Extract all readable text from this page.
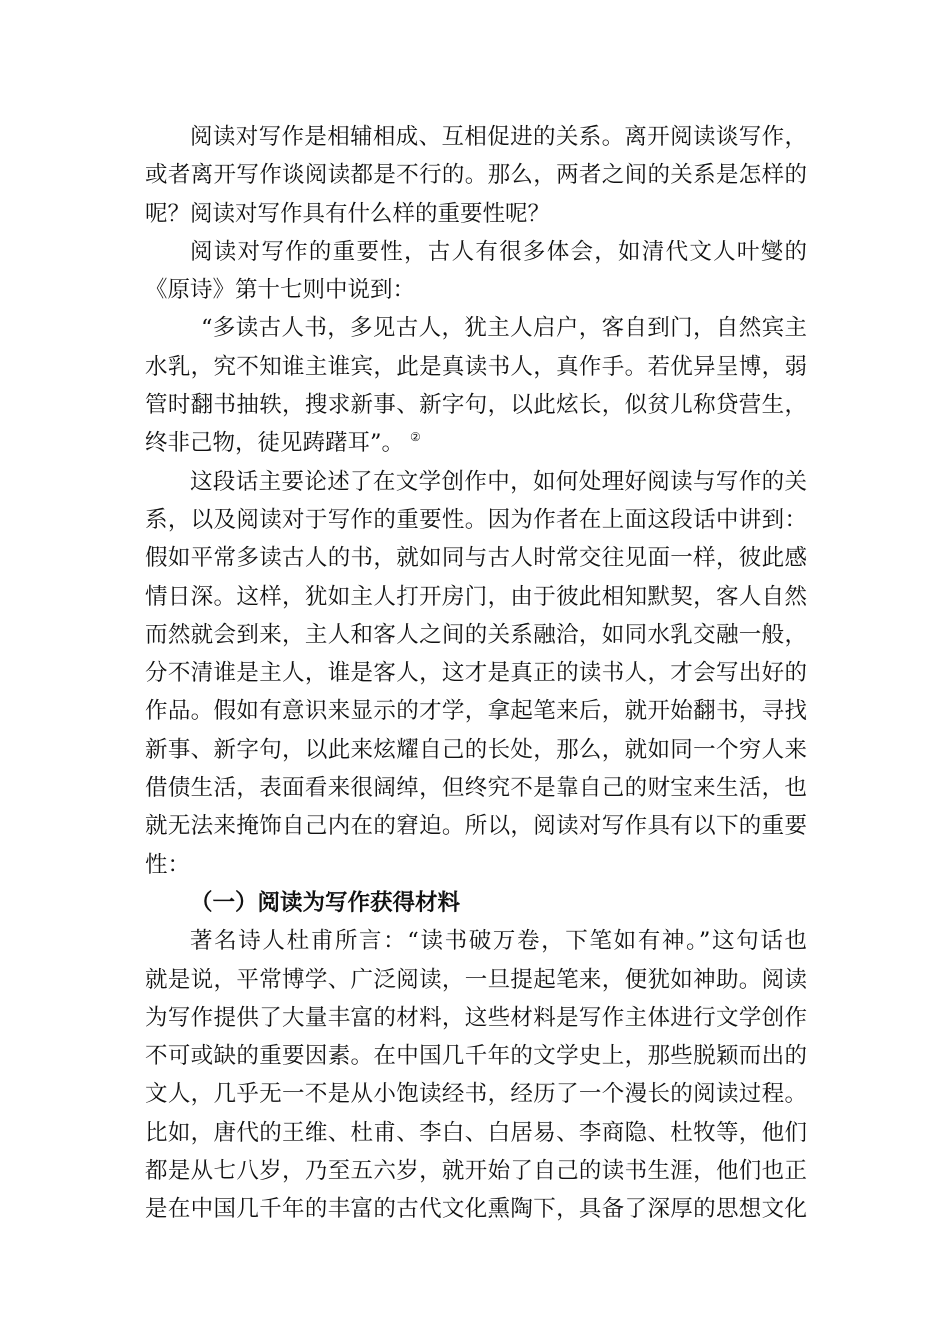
阅读对写作是相辅相成、互相促进的关系。离开阅读谈写作，
或者离开写作谈阅读都是不行的。那么，两者之间的关系是怎样的
呢？阅读对写作具有什么样的重要性呢？
阅读对写作的重要性，古人有很多体会，如清代文人叶燮的
《原诗》第十七则中说到：
“多读古人书，多见古人，犹主人启户，客自到门，自然宾主
水乳，究不知谁主谁宾，此是真读书人，真作手。若优异呈博，弱
管时翻书抽轶，搜求新事、新字句，以此炫长，似贫儿称贷营生，
终非己物，徒见踌躇耳”。 ②
这段话主要论述了在文学创作中，如何处理好阅读与写作的关
系，以及阅读对于写作的重要性。因为作者在上面这段话中讲到：
假如平常多读古人的书，就如同与古人时常交往见面一样，彼此感
情日深。这样，犹如主人打开房门，由于彼此相知默契，客人自然
而然就会到来，主人和客人之间的关系融洽，如同水乳交融一般，
分不清谁是主人，谁是客人，这才是真正的读书人，才会写出好的
作品。假如有意识来显示的才学，拿起笔来后，就开始翻书，寻找
新事、新字句，以此来炫耀自己的长处，那么，就如同一个穷人来
借债生活，表面看来很阔绰，但终究不是靠自己的财宝来生活，也
就无法来掩饰自己内在的窘迫。所以，阅读对写作具有以下的重要
性：
（一）阅读为写作获得材料
著名诗人杜甫所言：“读书破万卷，下笔如有神。”这句话也
就是说，平常博学、广泛阅读，一旦提起笔来，便犹如神助。阅读
为写作提供了大量丰富的材料，这些材料是写作主体进行文学创作
不可或缺的重要因素。在中国几千年的文学史上，那些脱颖而出的
文人，几乎无一不是从小饱读经书，经历了一个漫长的阅读过程。
比如，唐代的王维、杜甫、李白、白居易、李商隐、杜牧等，他们
都是从七八岁，乃至五六岁，就开始了自己的读书生涯，他们也正
是在中国几千年的丰富的古代文化熏陶下，具备了深厚的思想文化
